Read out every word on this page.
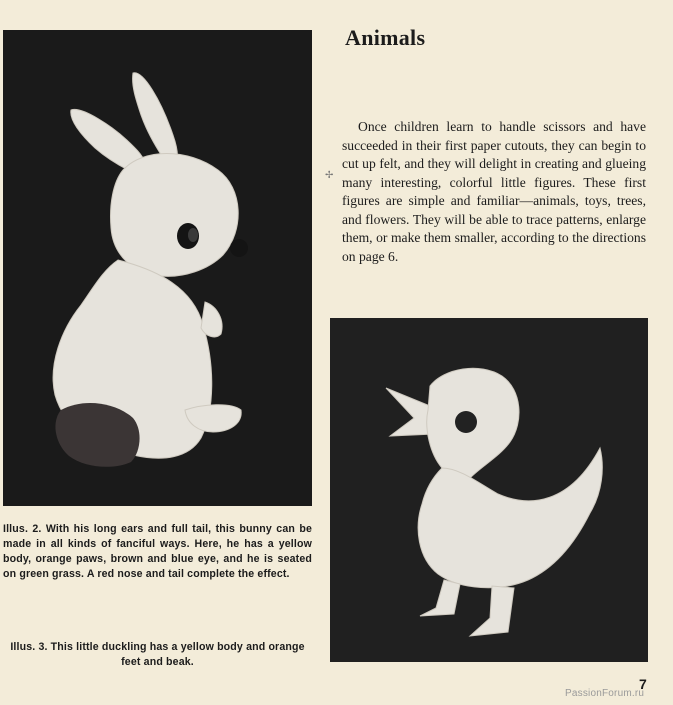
Animals

Once children learn to handle scissors and have succeeded in their first paper cutouts, they can begin to cut up felt, and they will delight in creating and glueing many interesting, colorful little figures. These first figures are simple and familiar—animals, toys, trees, and flowers. They will be able to trace patterns, enlarge them, or make them smaller, according to the directions on page 6.

✢

Illus. 2. With his long ears and full tail, this bunny can be made in all kinds of fanciful ways. Here, he has a yellow body, orange paws, brown and blue eye, and he is seated on green grass. A red nose and tail complete the effect.

Illus. 3. This little duckling has a yellow body and orange feet and beak.

7
PassionForum.ru
